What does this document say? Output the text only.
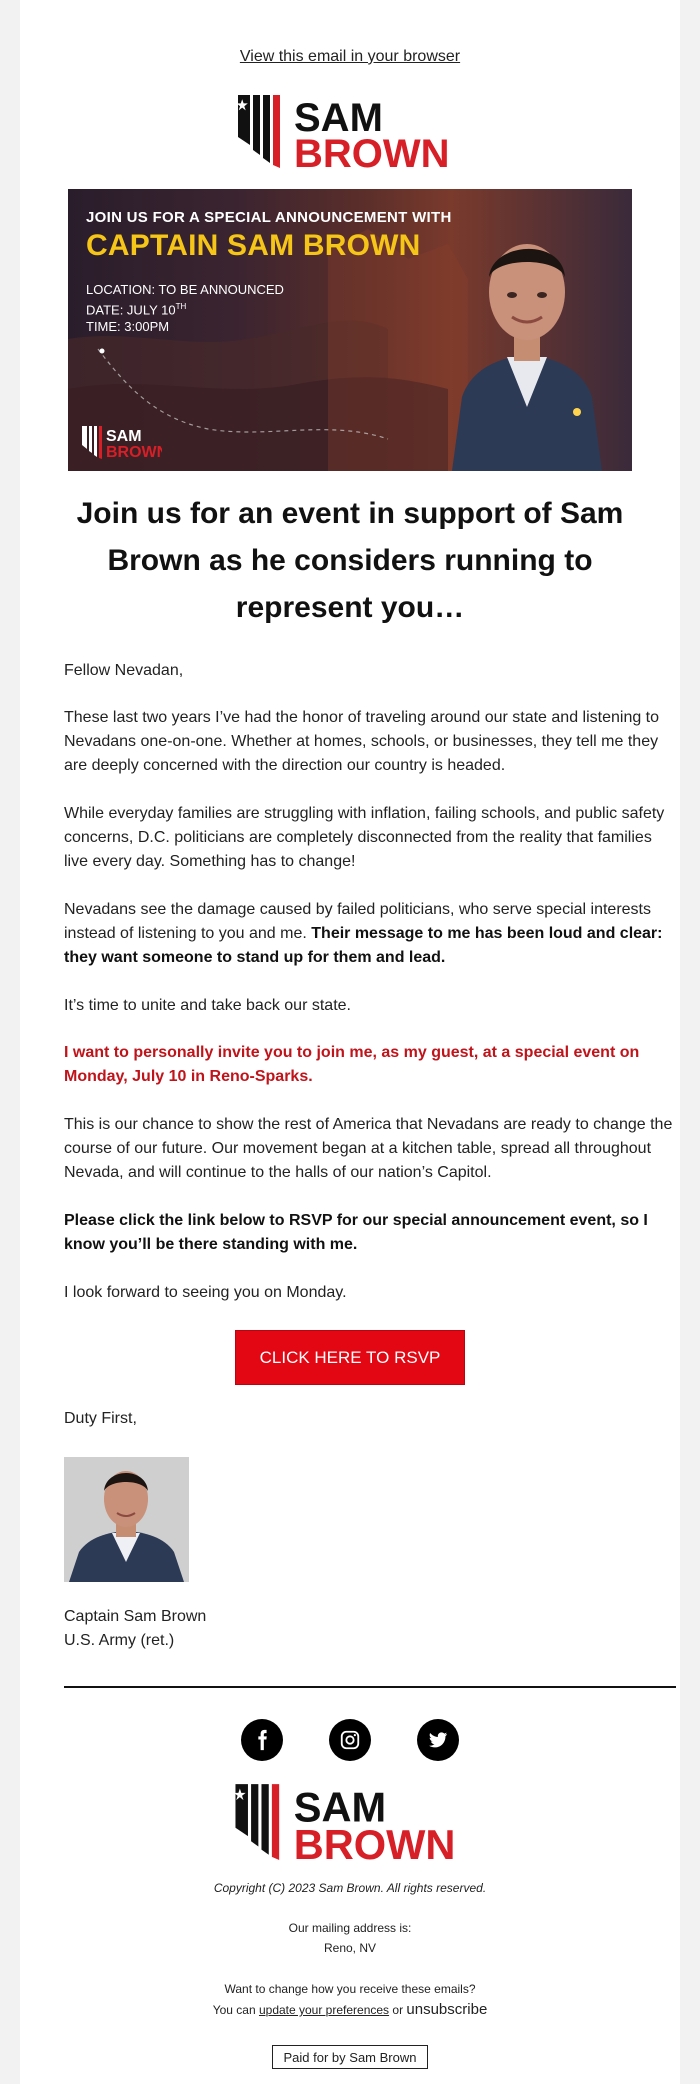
View this email in your browser
SAM
BROWN
JOIN US FOR A SPECIAL ANNOUNCEMENT WITH
CAPTAIN SAM BROWN
LOCATION: TO BE ANNOUNCED
DATE: JULY 10TH
TIME: 3:00PM
SAM
BROWN
Join us for an event in support of Sam Brown as he considers running to represent you…
Fellow Nevadan,
These last two years I’ve had the honor of traveling around our state and listening to Nevadans one-on-one. Whether at homes, schools, or businesses, they tell me they are deeply concerned with the direction our country is headed.
While everyday families are struggling with inflation, failing schools, and public safety concerns, D.C. politicians are completely disconnected from the reality that families live every day. Something has to change!
Nevadans see the damage caused by failed politicians, who serve special interests instead of listening to you and me. Their message to me has been loud and clear: they want someone to stand up for them and lead.
It’s time to unite and take back our state.
I want to personally invite you to join me, as my guest, at a special event on Monday, July 10 in Reno-Sparks.
This is our chance to show the rest of America that Nevadans are ready to change the course of our future. Our movement began at a kitchen table, spread all throughout Nevada, and will continue to the halls of our nation’s Capitol.
Please click the link below to RSVP for our special announcement event, so I know you’ll be there standing with me.
I look forward to seeing you on Monday.
CLICK HERE TO RSVP
Duty First,
Captain Sam Brown
U.S. Army (ret.)
SAM
BROWN
Copyright (C) 2023 Sam Brown. All rights reserved.
Our mailing address is:
Reno, NV
Want to change how you receive these emails?
You can update your preferences or unsubscribe
Paid for by Sam Brown
